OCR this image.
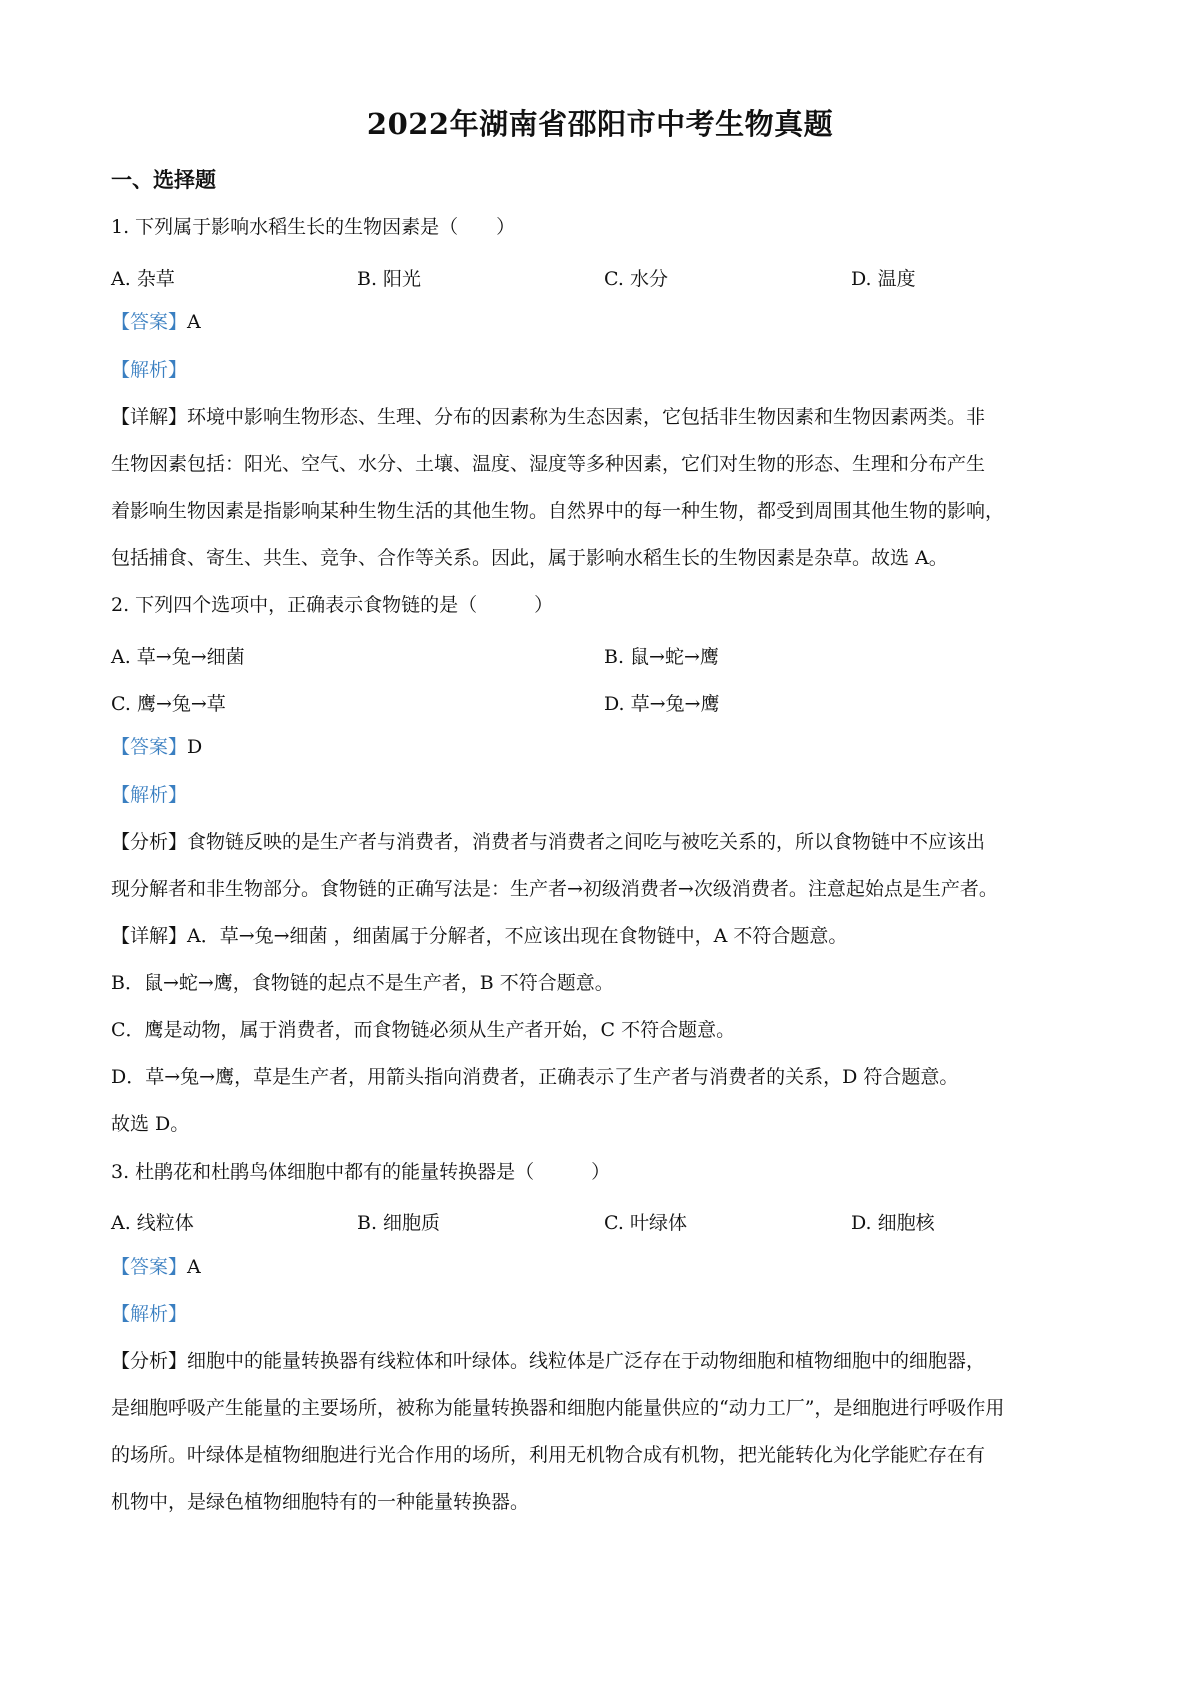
2022年湖南省邵阳市中考生物真题
一、选择题
1. 下列属于影响水稻生长的生物因素是（　　）
A. 杂草	B. 阳光	C. 水分	D. 温度
【答案】A
【解析】
【详解】环境中影响生物形态、生理、分布的因素称为生态因素，它包括非生物因素和生物因素两类。非
生物因素包括：阳光、空气、水分、土壤、温度、湿度等多种因素，它们对生物的形态、生理和分布产生
着影响生物因素是指影响某种生物生活的其他生物。自然界中的每一种生物，都受到周围其他生物的影响，
包括捕食、寄生、共生、竞争、合作等关系。因此，属于影响水稻生长的生物因素是杂草。故选 A。
2. 下列四个选项中，正确表示食物链的是（　　　）
A. 草→兔→细菌	B. 鼠→蛇→鹰
C. 鹰→兔→草	D. 草→兔→鹰
【答案】D
【解析】
【分析】食物链反映的是生产者与消费者，消费者与消费者之间吃与被吃关系的，所以食物链中不应该出
现分解者和非生物部分。食物链的正确写法是：生产者→初级消费者→次级消费者。注意起始点是生产者。
【详解】A．草→兔→细菌 ，细菌属于分解者，不应该出现在食物链中，A 不符合题意。
B．鼠→蛇→鹰，食物链的起点不是生产者，B 不符合题意。
C．鹰是动物，属于消费者，而食物链必须从生产者开始，C 不符合题意。
D．草→兔→鹰，草是生产者，用箭头指向消费者，正确表示了生产者与消费者的关系，D 符合题意。
故选 D。
3. 杜鹃花和杜鹃鸟体细胞中都有的能量转换器是（　　　）
A. 线粒体	B. 细胞质	C. 叶绿体	D. 细胞核
【答案】A
【解析】
【分析】细胞中的能量转换器有线粒体和叶绿体。线粒体是广泛存在于动物细胞和植物细胞中的细胞器，
是细胞呼吸产生能量的主要场所，被称为能量转换器和细胞内能量供应的“动力工厂”，是细胞进行呼吸作用
的场所。叶绿体是植物细胞进行光合作用的场所，利用无机物合成有机物，把光能转化为化学能贮存在有
机物中，是绿色植物细胞特有的一种能量转换器。
